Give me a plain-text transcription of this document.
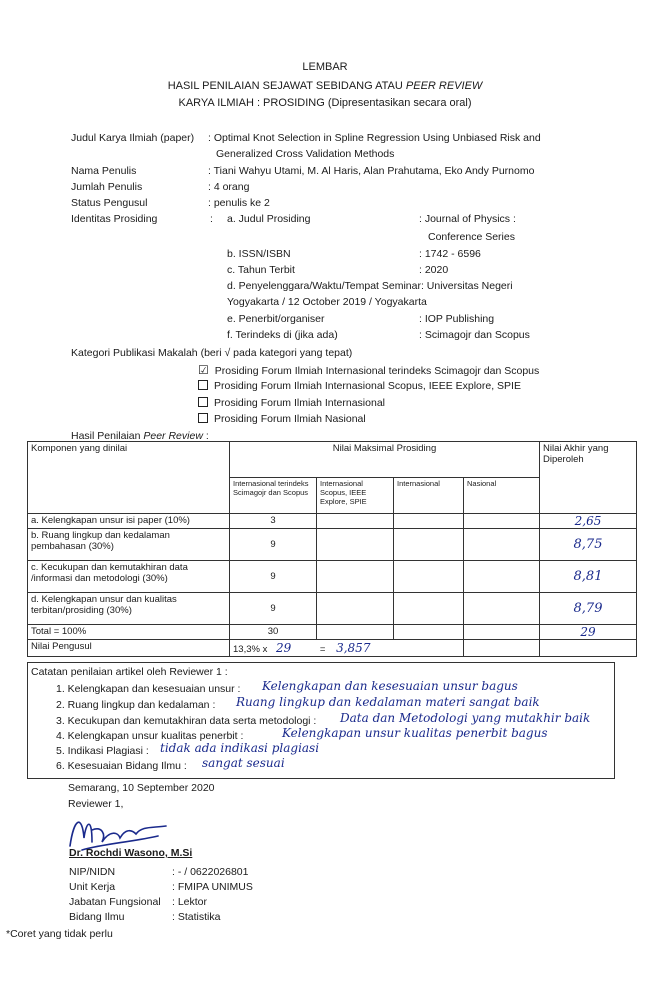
LEMBAR
HASIL PENILAIAN SEJAWAT SEBIDANG ATAU PEER REVIEW
KARYA ILMIAH : PROSIDING (Dipresentasikan secara oral)
Judul Karya Ilmiah (paper) : Optimal Knot Selection in Spline Regression Using Unbiased Risk and
Generalized Cross Validation Methods
Nama Penulis	: Tiani Wahyu Utami, M. Al Haris, Alan Prahutama, Eko Andy Purnomo
Jumlah Penulis	: 4 orang
Status Pengusul	: penulis ke 2
Identitas Prosiding	: a. Judul Prosiding	: Journal of Physics :
Conference Series
b. ISSN/ISBN	: 1742 - 6596
c. Tahun Terbit	: 2020
d. Penyelenggara/Waktu/Tempat Seminar: Universitas Negeri
Yogyakarta / 12 October 2019 / Yogyakarta
e. Penerbit/organiser	: IOP Publishing
f. Terindeks di (jika ada)	: Scimagojr dan Scopus
Kategori Publikasi Makalah (beri √ pada kategori yang tepat)
☑ Prosiding Forum Ilmiah Internasional terindeks Scimagojr dan Scopus
Prosiding Forum Ilmiah Internasional Scopus, IEEE Explore, SPIE
Prosiding Forum Ilmiah Internasional
Prosiding Forum Ilmiah Nasional
Hasil Penilaian Peer Review :
Komponen yang dinilai	Nilai Maksimal Prosiding				Nilai Akhir yang
Diperoleh
	Internasional terindeks Scimagojr dan Scopus	Internasional Scopus, IEEE Explore, SPIE	Internasional	Nasional	
a. Kelengkapan unsur isi paper (10%)	3				2,65
b. Ruang lingkup dan kedalaman pembahasan (30%)	9				8,75
c. Kecukupan dan kemutakhiran data /informasi dan metodologi (30%)	9				8,81
d. Kelengkapan unsur dan kualitas terbitan/prosiding (30%)	9				8,79
Total = 100%	30				29
Nilai Pengusul	13,3% x 29 = 3,857				
Catatan penilaian artikel oleh Reviewer 1 :
1. Kelengkapan dan kesesuaian unsur : Kelengkapan dan kesesuaian unsur bagus
2. Ruang lingkup dan kedalaman : Ruang lingkup dan kedalaman materi sangat baik
3. Kecukupan dan kemutakhiran data serta metodologi : Data dan Metodologi yang mutakhir baik
4. Kelengkapan unsur kualitas penerbit :	Kelengkapan unsur kualitas penerbit bagus
5. Indikasi Plagiasi : tidak ada indikasi plagiasi
6. Kesesuaian Bidang Ilmu : sangat sesuai
Semarang, 10 September 2020
Reviewer 1,
Dr. Rochdi Wasono, M.Si
NIP/NIDN	: - / 0622026801
Unit Kerja	: FMIPA UNIMUS
Jabatan Fungsional : Lektor
Bidang Ilmu	: Statistika
*Coret yang tidak perlu
